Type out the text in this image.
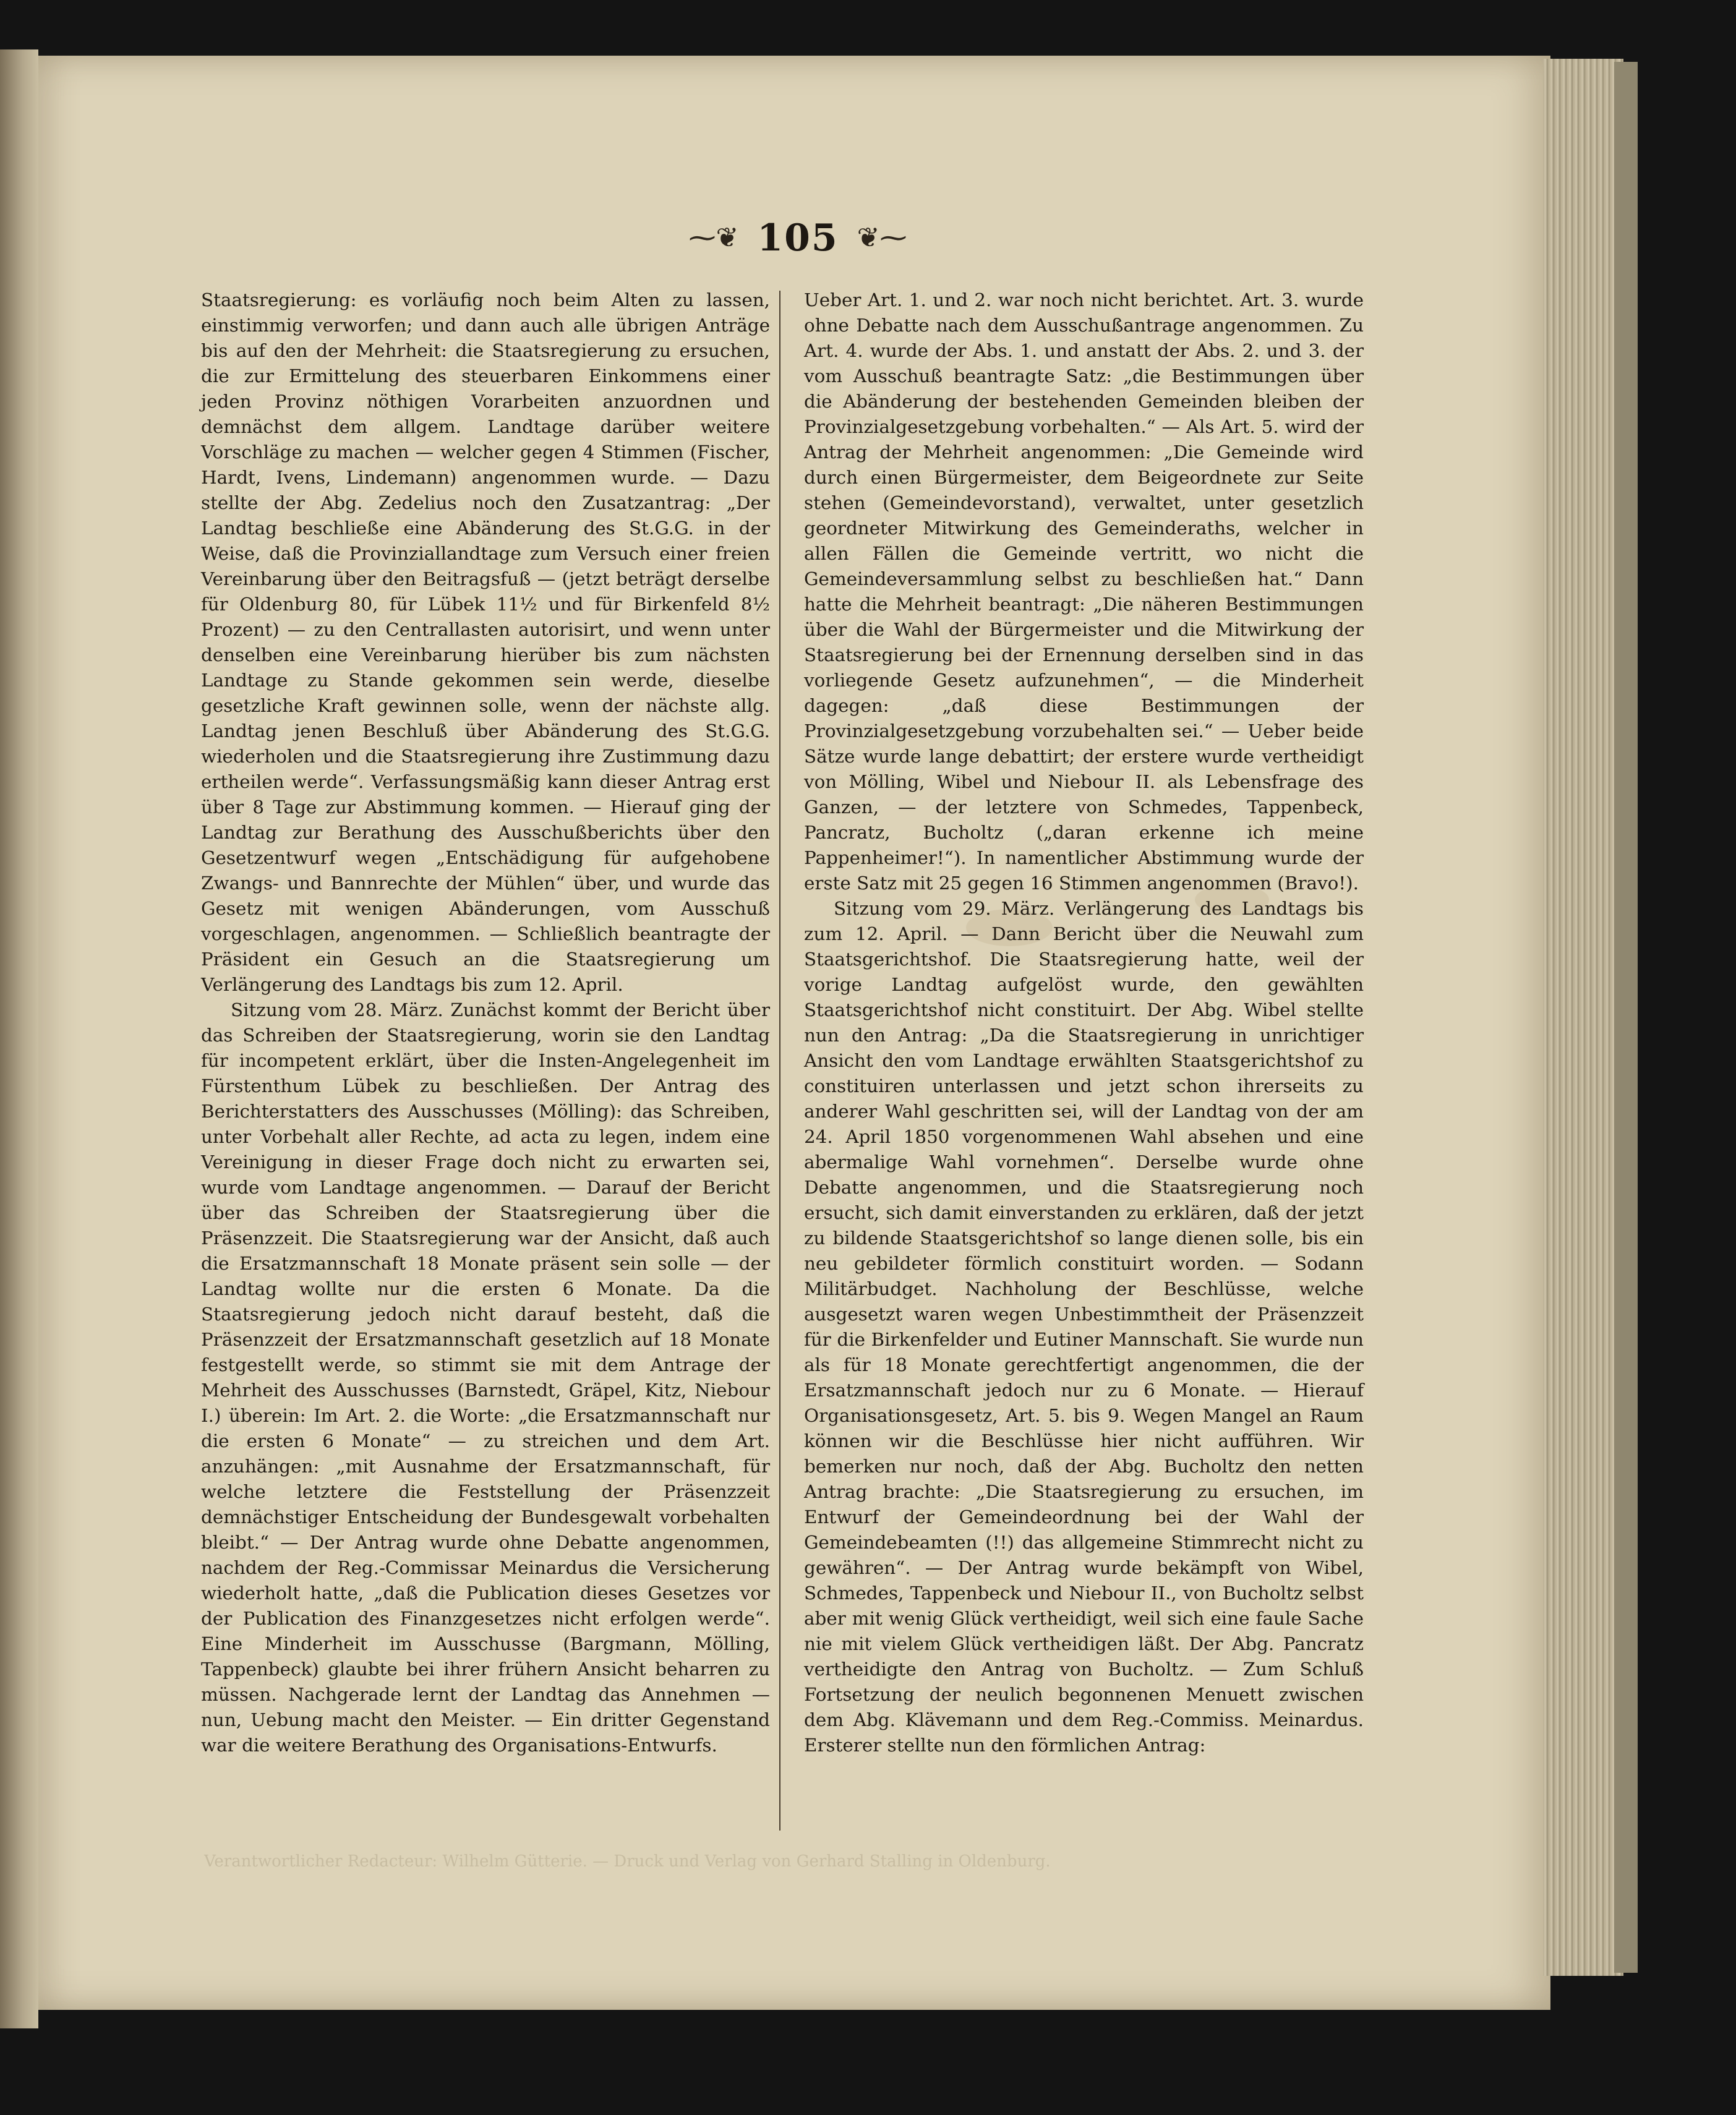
⁓❦ 105 ❦⁓

Staatsregierung: es vorläufig noch beim Alten zu lassen, einstimmig verworfen; und dann auch alle übrigen Anträge bis auf den der Mehrheit: die Staatsregierung zu ersuchen, die zur Ermittelung des steuerbaren Einkommens einer jeden Provinz nöthigen Vorarbeiten anzuordnen und demnächst dem allgem. Landtage darüber weitere Vorschläge zu machen — welcher gegen 4 Stimmen (Fischer, Hardt, Ivens, Lindemann) angenommen wurde. — Dazu stellte der Abg. Zedelius noch den Zusatzantrag: „Der Landtag beschließe eine Abänderung des St.G.G. in der Weise, daß die Provinziallandtage zum Versuch einer freien Vereinbarung über den Beitragsfuß — (jetzt beträgt derselbe für Oldenburg 80, für Lübek 11½ und für Birkenfeld 8½ Prozent) — zu den Centrallasten autorisirt, und wenn unter denselben eine Vereinbarung hierüber bis zum nächsten Landtage zu Stande gekommen sein werde, dieselbe gesetzliche Kraft gewinnen solle, wenn der nächste allg. Landtag jenen Beschluß über Abänderung des St.G.G. wiederholen und die Staatsregierung ihre Zustimmung dazu ertheilen werde“. Verfassungsmäßig kann dieser Antrag erst über 8 Tage zur Abstimmung kommen. — Hierauf ging der Landtag zur Berathung des Ausschußberichts über den Gesetzentwurf wegen „Entschädigung für aufgehobene Zwangs- und Bannrechte der Mühlen“ über, und wurde das Gesetz mit wenigen Abänderungen, vom Ausschuß vorgeschlagen, angenommen. — Schließlich beantragte der Präsident ein Gesuch an die Staatsregierung um Verlängerung des Landtags bis zum 12. April.

Sitzung vom 28. März. Zunächst kommt der Bericht über das Schreiben der Staatsregierung, worin sie den Landtag für incompetent erklärt, über die Insten-Angelegenheit im Fürstenthum Lübek zu beschließen. Der Antrag des Berichterstatters des Ausschusses (Mölling): das Schreiben, unter Vorbehalt aller Rechte, ad acta zu legen, indem eine Vereinigung in dieser Frage doch nicht zu erwarten sei, wurde vom Landtage angenommen. — Darauf der Bericht über das Schreiben der Staatsregierung über die Präsenzzeit. Die Staatsregierung war der Ansicht, daß auch die Ersatzmannschaft 18 Monate präsent sein solle — der Landtag wollte nur die ersten 6 Monate. Da die Staatsregierung jedoch nicht darauf besteht, daß die Präsenzzeit der Ersatzmannschaft gesetzlich auf 18 Monate festgestellt werde, so stimmt sie mit dem Antrage der Mehrheit des Ausschusses (Barnstedt, Gräpel, Kitz, Niebour I.) überein: Im Art. 2. die Worte: „die Ersatzmannschaft nur die ersten 6 Monate“ — zu streichen und dem Art. anzuhängen: „mit Ausnahme der Ersatzmannschaft, für welche letztere die Feststellung der Präsenzzeit demnächstiger Entscheidung der Bundesgewalt vorbehalten bleibt.“ — Der Antrag wurde ohne Debatte angenommen, nachdem der Reg.-Commissar Meinardus die Versicherung wiederholt hatte, „daß die Publication dieses Gesetzes vor der Publication des Finanzgesetzes nicht erfolgen werde“. Eine Minderheit im Ausschusse (Bargmann, Mölling, Tappenbeck) glaubte bei ihrer frühern Ansicht beharren zu müssen. Nachgerade lernt der Landtag das Annehmen — nun, Uebung macht den Meister. — Ein dritter Gegenstand war die weitere Berathung des Organisations-Entwurfs.

Ueber Art. 1. und 2. war noch nicht berichtet. Art. 3. wurde ohne Debatte nach dem Ausschußantrage angenommen. Zu Art. 4. wurde der Abs. 1. und anstatt der Abs. 2. und 3. der vom Ausschuß beantragte Satz: „die Bestimmungen über die Abänderung der bestehenden Gemeinden bleiben der Provinzialgesetzgebung vorbehalten.“ — Als Art. 5. wird der Antrag der Mehrheit angenommen: „Die Gemeinde wird durch einen Bürgermeister, dem Beigeordnete zur Seite stehen (Gemeindevorstand), verwaltet, unter gesetzlich geordneter Mitwirkung des Gemeinderaths, welcher in allen Fällen die Gemeinde vertritt, wo nicht die Gemeindeversammlung selbst zu beschließen hat.“ Dann hatte die Mehrheit beantragt: „Die näheren Bestimmungen über die Wahl der Bürgermeister und die Mitwirkung der Staatsregierung bei der Ernennung derselben sind in das vorliegende Gesetz aufzunehmen“, — die Minderheit dagegen: „daß diese Bestimmungen der Provinzialgesetzgebung vorzubehalten sei.“ — Ueber beide Sätze wurde lange debattirt; der erstere wurde vertheidigt von Mölling, Wibel und Niebour II. als Lebensfrage des Ganzen, — der letztere von Schmedes, Tappenbeck, Pancratz, Bucholtz („daran erkenne ich meine Pappenheimer!“). In namentlicher Abstimmung wurde der erste Satz mit 25 gegen 16 Stimmen angenommen (Bravo!).

Sitzung vom 29. März. Verlängerung des Landtags bis zum 12. April. — Dann Bericht über die Neuwahl zum Staatsgerichtshof. Die Staatsregierung hatte, weil der vorige Landtag aufgelöst wurde, den gewählten Staatsgerichtshof nicht constituirt. Der Abg. Wibel stellte nun den Antrag: „Da die Staatsregierung in unrichtiger Ansicht den vom Landtage erwählten Staatsgerichtshof zu constituiren unterlassen und jetzt schon ihrerseits zu anderer Wahl geschritten sei, will der Landtag von der am 24. April 1850 vorgenommenen Wahl absehen und eine abermalige Wahl vornehmen“. Derselbe wurde ohne Debatte angenommen, und die Staatsregierung noch ersucht, sich damit einverstanden zu erklären, daß der jetzt zu bildende Staatsgerichtshof so lange dienen solle, bis ein neu gebildeter förmlich constituirt worden. — Sodann Militärbudget. Nachholung der Beschlüsse, welche ausgesetzt waren wegen Unbestimmtheit der Präsenzzeit für die Birkenfelder und Eutiner Mannschaft. Sie wurde nun als für 18 Monate gerechtfertigt angenommen, die der Ersatzmannschaft jedoch nur zu 6 Monate. — Hierauf Organisationsgesetz, Art. 5. bis 9. Wegen Mangel an Raum können wir die Beschlüsse hier nicht aufführen. Wir bemerken nur noch, daß der Abg. Bucholtz den netten Antrag brachte: „Die Staatsregierung zu ersuchen, im Entwurf der Gemeindeordnung bei der Wahl der Gemeindebeamten (!!) das allgemeine Stimmrecht nicht zu gewähren“. — Der Antrag wurde bekämpft von Wibel, Schmedes, Tappenbeck und Niebour II., von Bucholtz selbst aber mit wenig Glück vertheidigt, weil sich eine faule Sache nie mit vielem Glück vertheidigen läßt. Der Abg. Pancratz vertheidigte den Antrag von Bucholtz. — Zum Schluß Fortsetzung der neulich begonnenen Menuett zwischen dem Abg. Klävemann und dem Reg.-Commiss. Meinardus. Ersterer stellte nun den förmlichen Antrag:

Verantwortlicher Redacteur: Wilhelm Gütterie. — Druck und Verlag von Gerhard Stalling in Oldenburg.
